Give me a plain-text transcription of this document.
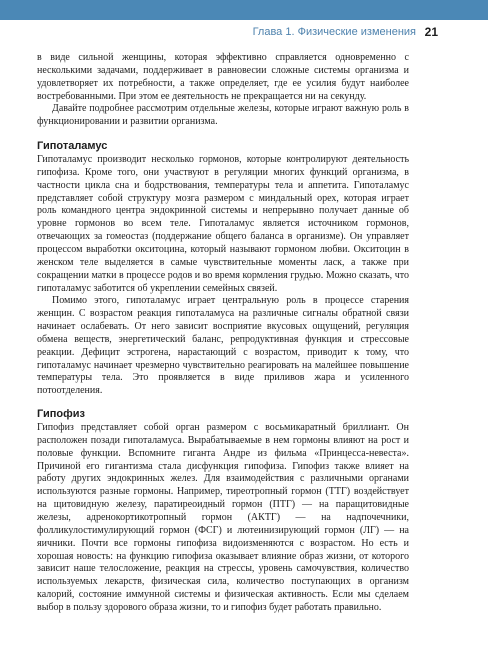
Глава 1. Физические изменения 21

в виде сильной женщины, которая эффективно справляется одновременно с несколькими задачами, поддерживает в равновесии сложные системы организма и удовлетворяет их потребности, а также определяет, где ее усилия будут наиболее востребованными. При этом ее деятельность не прекращается ни на секунду.

Давайте подробнее рассмотрим отдельные железы, которые играют важную роль в функционировании и развитии организма.

Гипоталамус

Гипоталамус производит несколько гормонов, которые контролируют деятельность гипофиза. Кроме того, они участвуют в регуляции многих функций организма, в частности цикла сна и бодрствования, температуры тела и аппетита. Гипоталамус представляет собой структуру мозга размером с миндальный орех, которая играет роль командного центра эндокринной системы и непрерывно получает данные об уровне гормонов во всем теле. Гипоталамус является источником гормонов, отвечающих за гомеостаз (поддержание общего баланса в организме). Он управляет процессом выработки окситоцина, который называют гормоном любви. Окситоцин в женском теле выделяется в самые чувствительные моменты ласк, а также при сокращении матки в процессе родов и во время кормления грудью. Можно сказать, что гипоталамус заботится об укреплении семейных связей.

Помимо этого, гипоталамус играет центральную роль в процессе старения женщин. С возрастом реакция гипоталамуса на различные сигналы обратной связи начинает ослабевать. От него зависит восприятие вкусовых ощущений, регуляция обмена веществ, энергетический баланс, репродуктивная функция и стрессовые реакции. Дефицит эстрогена, нарастающий с возрастом, приводит к тому, что гипоталамус начинает чрезмерно чувствительно реагировать на малейшее повышение температуры тела. Это проявляется в виде приливов жара и усиленного потоотделения.

Гипофиз

Гипофиз представляет собой орган размером с восьмикаратный бриллиант. Он расположен позади гипоталамуса. Вырабатываемые в нем гормоны влияют на рост и половые функции. Вспомните гиганта Андре из фильма «Принцесса-невеста». Причиной его гигантизма стала дисфункция гипофиза. Гипофиз также влияет на работу других эндокринных желез. Для взаимодействия с различными органами используются разные гормоны. Например, тиреотропный гормон (ТТГ) воздействует на щитовидную железу, паратиреоидный гормон (ПТГ) — на паращитовидные железы, адренокортикотропный гормон (АКТГ) — на надпочечники, фолликулостимулирующий гормон (ФСГ) и лютеинизирующий гормон (ЛГ) — на яичники. Почти все гормоны гипофиза видоизменяются с возрастом. Но есть и хорошая новость: на функцию гипофиза оказывает влияние образ жизни, от которого зависит наше телосложение, реакция на стрессы, уровень самочувствия, количество используемых лекарств, физическая сила, количество поступающих в организм калорий, состояние иммунной системы и физическая активность. Если мы сделаем выбор в пользу здорового образа жизни, то и гипофиз будет работать правильно.
